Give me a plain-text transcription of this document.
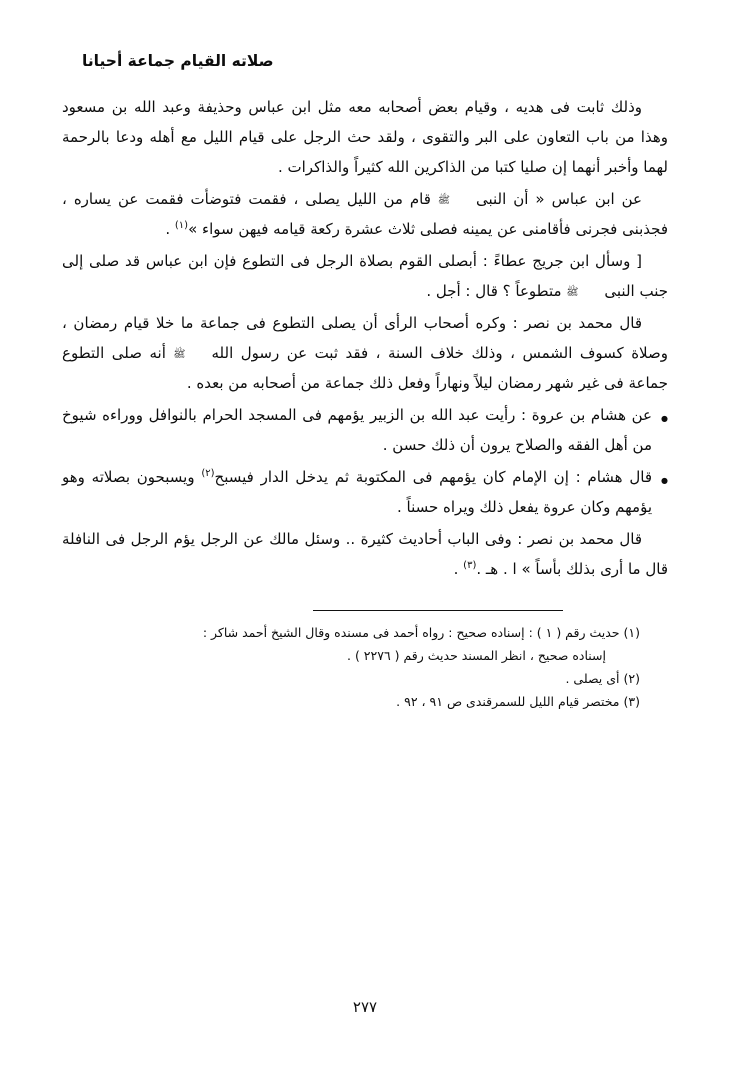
صلاته القيام جماعة أحيانا

وذلك ثابت فى هديه ، وقيام بعض أصحابه معه مثل ابن عباس وحذيفة وعبد الله بن مسعود وهذا من باب التعاون على البر والتقوى ، ولقد حث الرجل على قيام الليل مع أهله ودعا بالرحمة لهما وأخبر أنهما إن صليا كتبا من الذاكرين الله كثيراً والذاكرات .

عن ابن عباس « أن النبىﷺ قام من الليل يصلى ، فقمت فتوضأت فقمت عن يساره ، فجذبنى فجرنى فأقامنى عن يمينه فصلى ثلاث عشرة ركعة قيامه فيهن سواء »$^{(١)}$ .

[ وسأل ابن جريج عطاءً : أبصلى القوم بصلاة الرجل فى التطوع فإن ابن عباس قد صلى إلى جنب النبىﷺ متطوعاً ؟ قال : أجل .

قال محمد بن نصر : وكره أصحاب الرأى أن يصلى التطوع فى جماعة ما خلا قيام رمضان ، وصلاة كسوف الشمس ، وذلك خلاف السنة ، فقد ثبت عن رسول اللهﷺ أنه صلى التطوع جماعة فى غير شهر رمضان ليلاً ونهاراً وفعل ذلك جماعة من أصحابه من بعده .

● عن هشام بن عروة : رأيت عبد الله بن الزبير يؤمهم فى المسجد الحرام بالنوافل ووراءه شيوخ من أهل الفقه والصلاح يرون أن ذلك حسن .

● قال هشام : إن الإمام كان يؤمهم فى المكتوبة ثم يدخل الدار فيسبح$^{(٢)}$ ويسبحون بصلاته وهو يؤمهم وكان عروة يفعل ذلك ويراه حسناً .

قال محمد بن نصر : وفى الباب أحاديث كثيرة .. وسئل مالك عن الرجل يؤم الرجل فى النافلة قال ما أرى بذلك بأساً » ا . هـ .$^{(٣)}$ .

(١) حديث رقم ( ١ ) : إسناده صحيح : رواه أحمد فى مسنده وقال الشيخ أحمد شاكر :

إسناده صحيح ، انظر المسند حديث رقم ( ٢٢٧٦ ) .

(٢) أى يصلى .

(٣) مختصر قيام الليل للسمرقندى ص ٩١ ، ٩٢ .

٢٧٧
